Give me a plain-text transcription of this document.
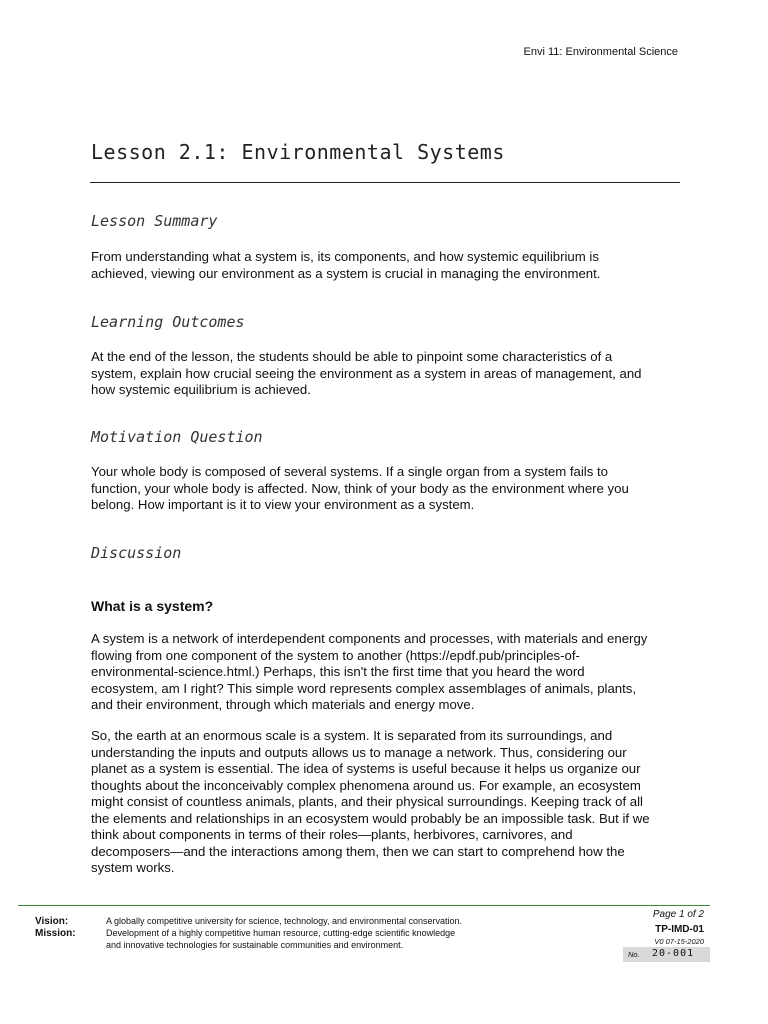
Envi 11: Environmental Science
Lesson 2.1: Environmental Systems
Lesson Summary
From understanding what a system is, its components, and how systemic equilibrium is
achieved, viewing our environment as a system is crucial in managing the environment.
Learning Outcomes
At the end of the lesson, the students should be able to pinpoint some characteristics of a
system, explain how crucial seeing the environment as a system in areas of management, and
how systemic equilibrium is achieved.
Motivation Question
Your whole body is composed of several systems. If a single organ from a system fails to
function, your whole body is affected. Now, think of your body as the environment where you
belong. How important is it to view your environment as a system.
Discussion
What is a system?
A system is a network of interdependent components and processes, with materials and energy
flowing from one component of the system to another (https://epdf.pub/principles-of-
environmental-science.html.) Perhaps, this isn't the first time that you heard the word
ecosystem, am I right? This simple word represents complex assemblages of animals, plants,
and their environment, through which materials and energy move.
So, the earth at an enormous scale is a system. It is separated from its surroundings, and
understanding the inputs and outputs allows us to manage a network. Thus, considering our
planet as a system is essential. The idea of systems is useful because it helps us organize our
thoughts about the inconceivably complex phenomena around us. For example, an ecosystem
might consist of countless animals, plants, and their physical surroundings. Keeping track of all
the elements and relationships in an ecosystem would probably be an impossible task. But if we
think about components in terms of their roles—plants, herbivores, carnivores, and
decomposers—and the interactions among them, then we can start to comprehend how the
system works.
Vision:
Mission:
A globally competitive university for science, technology, and environmental conservation.
Development of a highly competitive human resource, cutting-edge scientific knowledge
and innovative technologies for sustainable communities and environment.
Page 1 of 2
TP-IMD-01
V0 07-15-2020
No. 20-001
